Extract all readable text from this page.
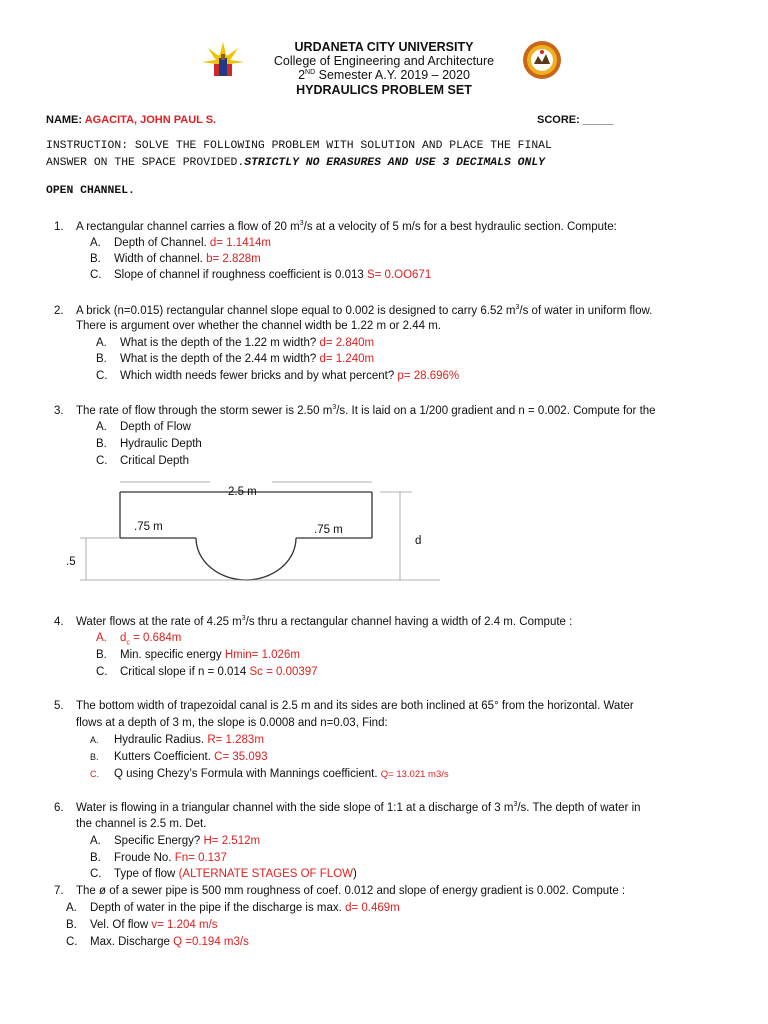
URDANETA CITY UNIVERSITY
College of Engineering and Architecture
2ND Semester A.Y. 2019 – 2020
HYDRAULICS PROBLEM SET
NAME: AGACITA, JOHN PAUL S.	SCORE: _____
INSTRUCTION: SOLVE THE FOLLOWING PROBLEM WITH SOLUTION AND PLACE THE FINAL
ANSWER ON THE SPACE PROVIDED.STRICTLY NO ERASURES AND USE 3 DECIMALS ONLY
OPEN CHANNEL.
1. A rectangular channel carries a flow of 20 $m^3/s$ at a velocity of 5 m/s for a best hydraulic section. Compute:
A. Depth of Channel. d= 1.1414m
B. Width of channel. b= 2.828m
C. Slope of channel if roughness coefficient is 0.013 S= 0.OO671
2. A brick (n=0.015) rectangular channel slope equal to 0.002 is designed to carry 6.52 $m^3/s$ of water in uniform flow.
There is argument over whether the channel width be 1.22 m or 2.44 m.
A. What is the depth of the 1.22 m width? d= 2.840m
B. What is the depth of the 2.44 m width? d= 1.240m
C. Which width needs fewer bricks and by what percent? p= 28.696%
3. The rate of flow through the storm sewer is 2.50 $m^3/s$. It is laid on a 1/200 gradient and n = 0.002. Compute for the
A. Depth of Flow
B. Hydraulic Depth
C. Critical Depth
2.5 m
.75 m	.75 m
d
.5
4. Water flows at the rate of 4.25 $m^3/s$ thru a rectangular channel having a width of 2.4 m. Compute :
A. $d_c = 0.684m$
B. Min. specific energy Hmin= 1.026m
C. Critical slope if n = 0.014 Sc = 0.00397
5. The bottom width of trapezoidal canal is 2.5 m and its sides are both inclined at 65° from the horizontal. Water
flows at a depth of 3 m, the slope is 0.0008 and n=0.03, Find:
A. Hydraulic Radius. R= 1.283m
B. Kutters Coefficient. C= 35.093
C. Q using Chezy’s Formula with Mannings coefficient. Q= 13.021 m3/s
6. Water is flowing in a triangular channel with the side slope of 1:1 at a discharge of 3 $m^3/s$. The depth of water in
the channel is 2.5 m. Det.
A. Specific Energy? H= 2.512m
B. Froude No. Fn= 0.137
C. Type of flow (ALTERNATE STAGES OF FLOW)
7. The ø of a sewer pipe is 500 mm roughness of coef. 0.012 and slope of energy gradient is 0.002. Compute :
A. Depth of water in the pipe if the discharge is max. d= 0.469m
B. Vel. Of flow v= 1.204 m/s
C. Max. Discharge Q =0.194 m3/s
